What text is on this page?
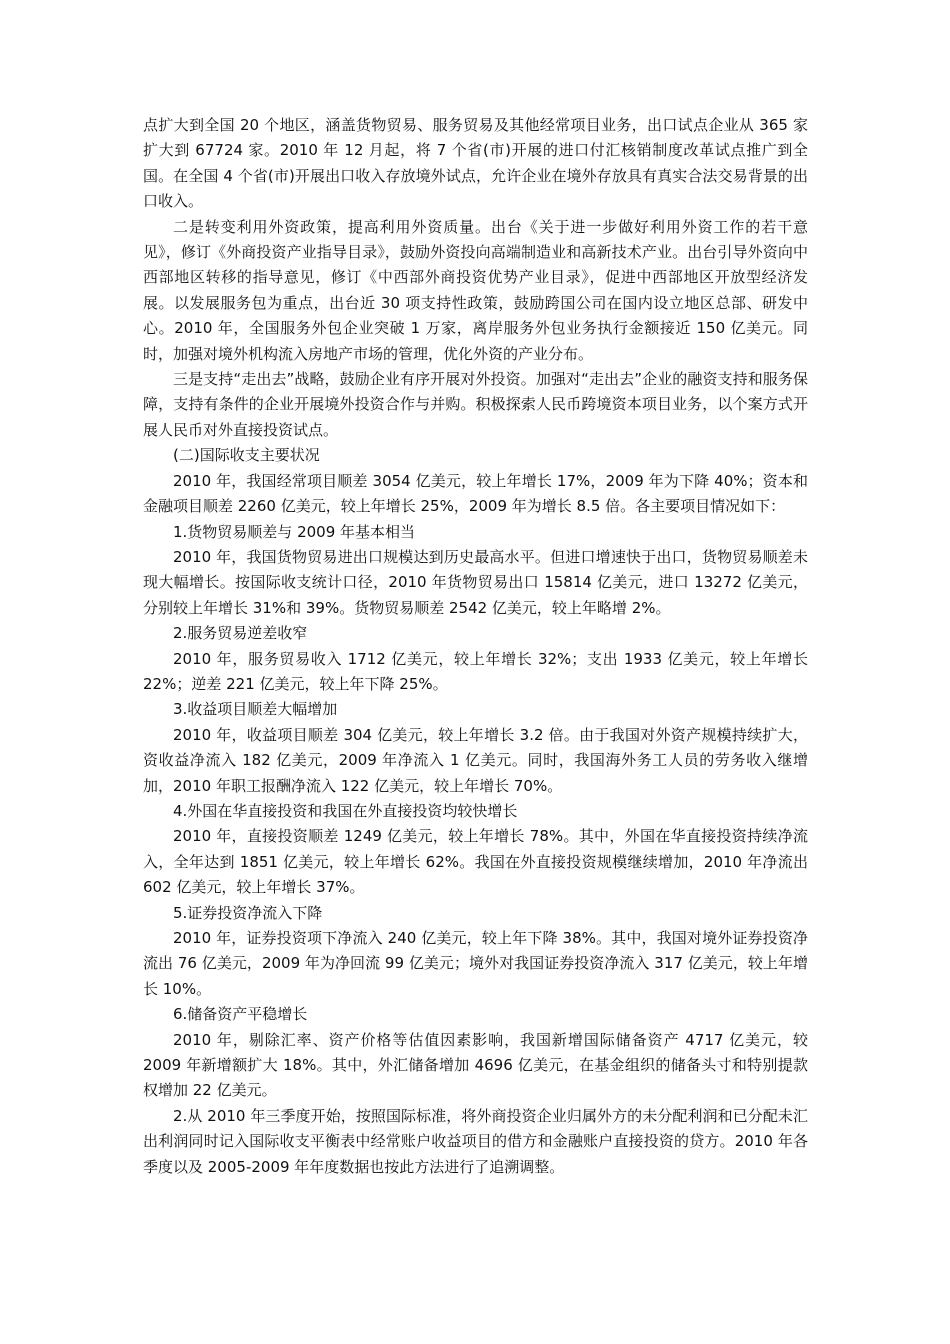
点扩大到全国 20 个地区，涵盖货物贸易、服务贸易及其他经常项目业务，出口试点企业从 365 家扩大到 67724 家。2010 年 12 月起，将 7 个省(市)开展的进口付汇核销制度改革试点推广到全国。在全国 4 个省(市)开展出口收入存放境外试点，允许企业在境外存放具有真实合法交易背景的出口收入。

二是转变利用外资政策，提高利用外资质量。出台《关于进一步做好利用外资工作的若干意见》，修订《外商投资产业指导目录》，鼓励外资投向高端制造业和高新技术产业。出台引导外资向中西部地区转移的指导意见，修订《中西部外商投资优势产业目录》，促进中西部地区开放型经济发展。以发展服务包为重点，出台近 30 项支持性政策，鼓励跨国公司在国内设立地区总部、研发中心。2010 年，全国服务外包企业突破 1 万家，离岸服务外包业务执行金额接近 150 亿美元。同时，加强对境外机构流入房地产市场的管理，优化外资的产业分布。

三是支持“走出去”战略，鼓励企业有序开展对外投资。加强对“走出去”企业的融资支持和服务保障，支持有条件的企业开展境外投资合作与并购。积极探索人民币跨境资本项目业务，以个案方式开展人民币对外直接投资试点。

(二)国际收支主要状况

2010 年，我国经常项目顺差 3054 亿美元，较上年增长 17%，2009 年为下降 40%；资本和金融项目顺差 2260 亿美元，较上年增长 25%，2009 年为增长 8.5 倍。各主要项目情况如下：

1.货物贸易顺差与 2009 年基本相当

2010 年，我国货物贸易进出口规模达到历史最高水平。但进口增速快于出口，货物贸易顺差未现大幅增长。按国际收支统计口径，2010 年货物贸易出口 15814 亿美元，进口 13272 亿美元，分别较上年增长 31%和 39%。货物贸易顺差 2542 亿美元，较上年略增 2%。

2.服务贸易逆差收窄

2010 年，服务贸易收入 1712 亿美元，较上年增长 32%；支出 1933 亿美元，较上年增长 22%；逆差 221 亿美元，较上年下降 25%。

3.收益项目顺差大幅增加

2010 年，收益项目顺差 304 亿美元，较上年增长 3.2 倍。由于我国对外资产规模持续扩大，资收益净流入 182 亿美元，2009 年净流入 1 亿美元。同时，我国海外务工人员的劳务收入继增加，2010 年职工报酬净流入 122 亿美元，较上年增长 70%。

4.外国在华直接投资和我国在外直接投资均较快增长

2010 年，直接投资顺差 1249 亿美元，较上年增长 78%。其中，外国在华直接投资持续净流入，全年达到 1851 亿美元，较上年增长 62%。我国在外直接投资规模继续增加，2010 年净流出 602 亿美元，较上年增长 37%。

5.证券投资净流入下降

2010 年，证券投资项下净流入 240 亿美元，较上年下降 38%。其中，我国对境外证券投资净流出 76 亿美元，2009 年为净回流 99 亿美元；境外对我国证券投资净流入 317 亿美元，较上年增长 10%。

6.储备资产平稳增长

2010 年，剔除汇率、资产价格等估值因素影响，我国新增国际储备资产 4717 亿美元，较 2009 年新增额扩大 18%。其中，外汇储备增加 4696 亿美元，在基金组织的储备头寸和特别提款权增加 22 亿美元。

2.从 2010 年三季度开始，按照国际标准，将外商投资企业归属外方的未分配利润和已分配未汇出利润同时记入国际收支平衡表中经常账户收益项目的借方和金融账户直接投资的贷方。2010 年各季度以及 2005-2009 年年度数据也按此方法进行了追溯调整。
